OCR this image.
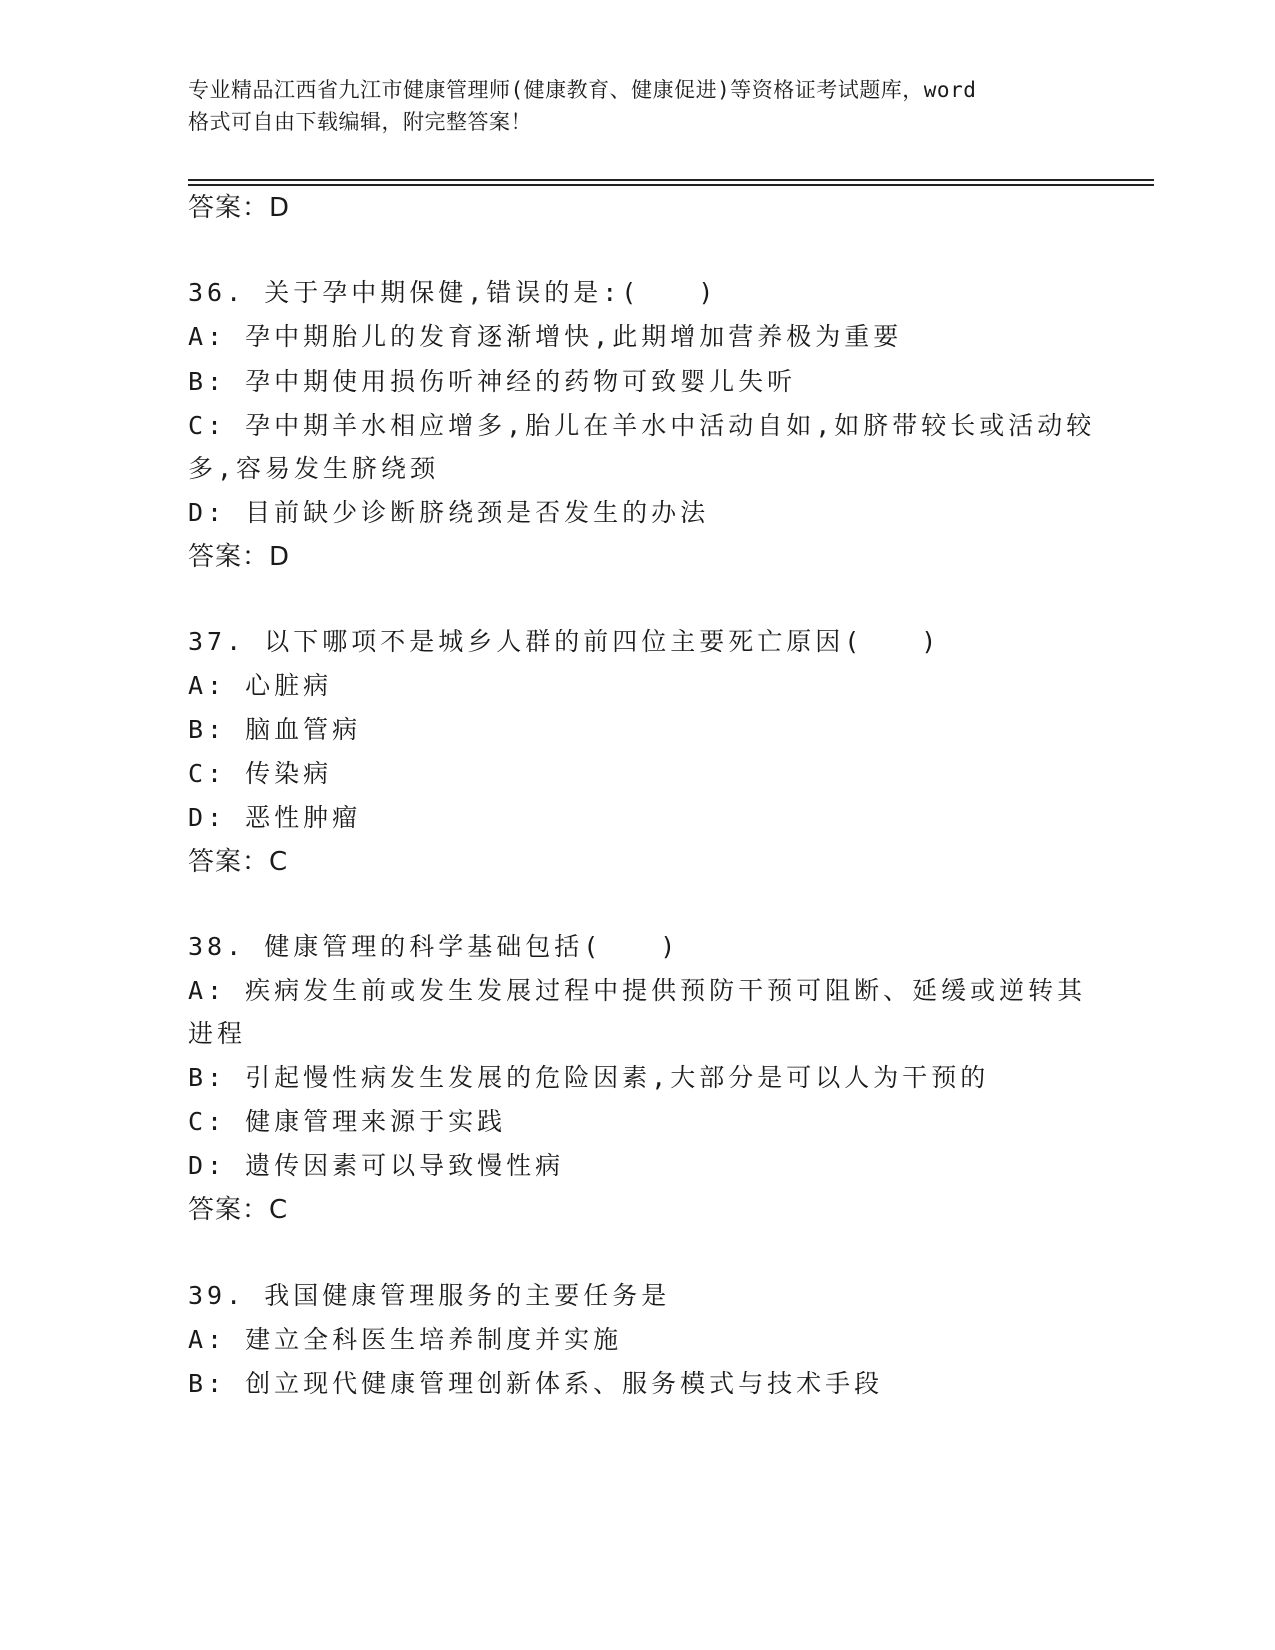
专业精品江西省九江市健康管理师(健康教育、健康促进)等资格证考试题库，word
格式可自由下载编辑，附完整答案！
答案：D
36. 关于孕中期保健,错误的是:(　　)
A: 孕中期胎儿的发育逐渐增快,此期增加营养极为重要
B: 孕中期使用损伤听神经的药物可致婴儿失听
C: 孕中期羊水相应增多,胎儿在羊水中活动自如,如脐带较长或活动较
多,容易发生脐绕颈
D: 目前缺少诊断脐绕颈是否发生的办法
答案：D
37. 以下哪项不是城乡人群的前四位主要死亡原因(　　)
A: 心脏病
B: 脑血管病
C: 传染病
D: 恶性肿瘤
答案：C
38. 健康管理的科学基础包括(　　)
A: 疾病发生前或发生发展过程中提供预防干预可阻断、延缓或逆转其
进程
B: 引起慢性病发生发展的危险因素,大部分是可以人为干预的
C: 健康管理来源于实践
D: 遗传因素可以导致慢性病
答案：C
39. 我国健康管理服务的主要任务是
A: 建立全科医生培养制度并实施
B: 创立现代健康管理创新体系、服务模式与技术手段
